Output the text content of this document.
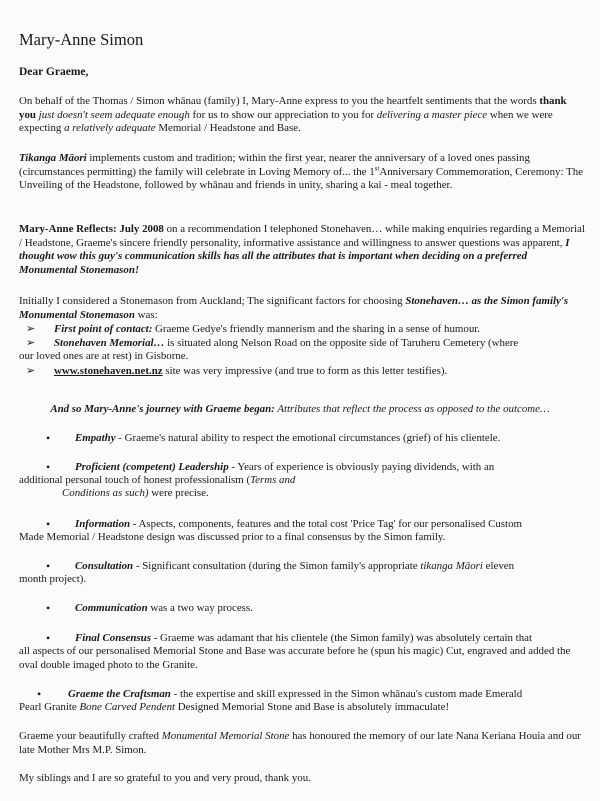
Mary-Anne Simon

Dear Graeme,

On behalf of the Thomas / Simon whānau (family) I, Mary-Anne express to you the heartfelt sentiments that the words thank you just doesn't seem adequate enough for us to show our appreciation to you for delivering a master piece when we were expecting a relatively adequate Memorial / Headstone and Base.

Tikanga Māori implements custom and tradition; within the first year, nearer the anniversary of a loved ones passing (circumstances permitting) the family will celebrate in Loving Memory of... the 1stAnniversary Commemoration, Ceremony: The Unveiling of the Headstone, followed by whānau and friends in unity, sharing a kai - meal together.

Mary-Anne Reflects: July 2008 on a recommendation I telephoned Stonehaven… while making enquiries regarding a Memorial / Headstone, Graeme's sincere friendly personality, informative assistance and willingness to answer questions was apparent, I thought wow this guy's communication skills has all the attributes that is important when deciding on a preferred Monumental Stonemason!

Initially I considered a Stonemason from Auckland; The significant factors for choosing Stonehaven… as the Simon family's Monumental Stonemason was:

➢ First point of contact: Graeme Gedye's friendly mannerism and the sharing in a sense of humour.

➢ Stonehaven Memorial… is situated along Nelson Road on the opposite side of Taruheru Cemetery (where

our loved ones are at rest) in Gisborne.

➢ www.stonehaven.net.nz site was very impressive (and true to form as this letter testifies).

And so Mary-Anne's journey with Graeme began: Attributes that reflect the process as opposed to the outcome…

• Empathy - Graeme's natural ability to respect the emotional circumstances (grief) of his clientele.

• Proficient (competent) Leadership - Years of experience is obviously paying dividends, with an

additional personal touch of honest professionalism (Terms and

Conditions as such) were precise.

• Information - Aspects, components, features and the total cost 'Price Tag' for our personalised Custom

Made Memorial / Headstone design was discussed prior to a final consensus by the Simon family.

• Consultation - Significant consultation (during the Simon family's appropriate tikanga Māori eleven

month project).

• Communication was a two way process.

• Final Consensus - Graeme was adamant that his clientele (the Simon family) was absolutely certain that

all aspects of our personalised Memorial Stone and Base was accurate before he (spun his magic) Cut, engraved and added the oval double imaged photo to the Granite.

• Graeme the Craftsman - the expertise and skill expressed in the Simon whānau's custom made Emerald

Pearl Granite Bone Carved Pendent Designed Memorial Stone and Base is absolutely immaculate!

Graeme your beautifully crafted Monumental Memorial Stone has honoured the memory of our late Nana Keriana Houia and our late Mother Mrs M.P. Simon.

My siblings and I are so grateful to you and very proud, thank you.
